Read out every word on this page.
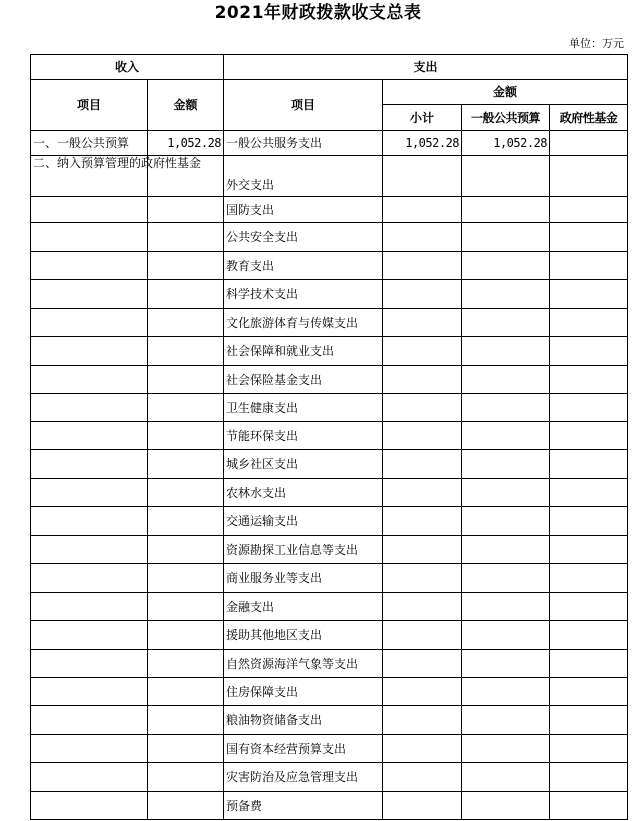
2021年财政拨款收支总表
单位：万元
收入		支出			
项目	金额	项目	金额		
			小计	一般公共预算	政府性基金
一、一般公共预算	1,052.28	一般公共服务支出	1,052.28	1,052.28	
二、纳入预算管理的政府性基金		外交支出			
		国防支出			
		公共安全支出			
		教育支出			
		科学技术支出			
		文化旅游体育与传媒支出			
		社会保障和就业支出			
		社会保险基金支出			
		卫生健康支出			
		节能环保支出			
		城乡社区支出			
		农林水支出			
		交通运输支出			
		资源勘探工业信息等支出			
		商业服务业等支出			
		金融支出			
		援助其他地区支出			
		自然资源海洋气象等支出			
		住房保障支出			
		粮油物资储备支出			
		国有资本经营预算支出			
		灾害防治及应急管理支出			
		预备费			
